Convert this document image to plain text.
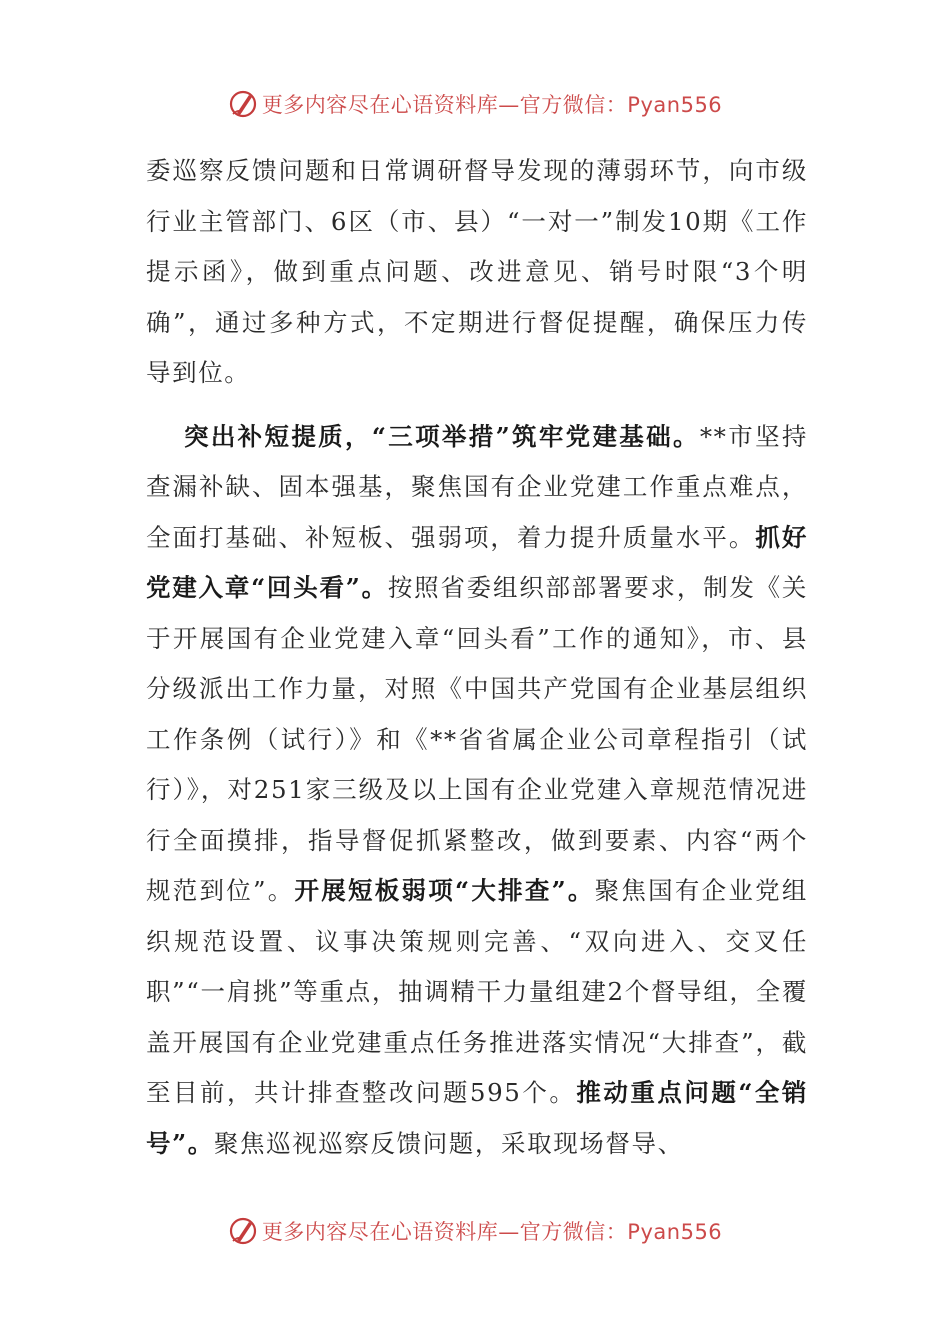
更多内容尽在心语资料库—官方微信：Pyan556

委巡察反馈问题和日常调研督导发现的薄弱环节，向市级行业主管部门、6区（市、县）“一对一”制发10期《工作提示函》，做到重点问题、改进意见、销号时限“3个明确”，通过多种方式，不定期进行督促提醒，确保压力传导到位。

突出补短提质，“三项举措”筑牢党建基础。**市坚持查漏补缺、固本强基，聚焦国有企业党建工作重点难点，全面打基础、补短板、强弱项，着力提升质量水平。抓好党建入章“回头看”。按照省委组织部部署要求，制发《关于开展国有企业党建入章“回头看”工作的通知》，市、县分级派出工作力量，对照《中国共产党国有企业基层组织工作条例（试行）》和《**省省属企业公司章程指引（试行）》，对251家三级及以上国有企业党建入章规范情况进行全面摸排，指导督促抓紧整改，做到要素、内容“两个规范到位”。开展短板弱项“大排查”。聚焦国有企业党组织规范设置、议事决策规则完善、“双向进入、交叉任职”“一肩挑”等重点，抽调精干力量组建2个督导组，全覆盖开展国有企业党建重点任务推进落实情况“大排查”，截至目前，共计排查整改问题595个。推动重点问题“全销号”。聚焦巡视巡察反馈问题，采取现场督导、

更多内容尽在心语资料库—官方微信：Pyan556
